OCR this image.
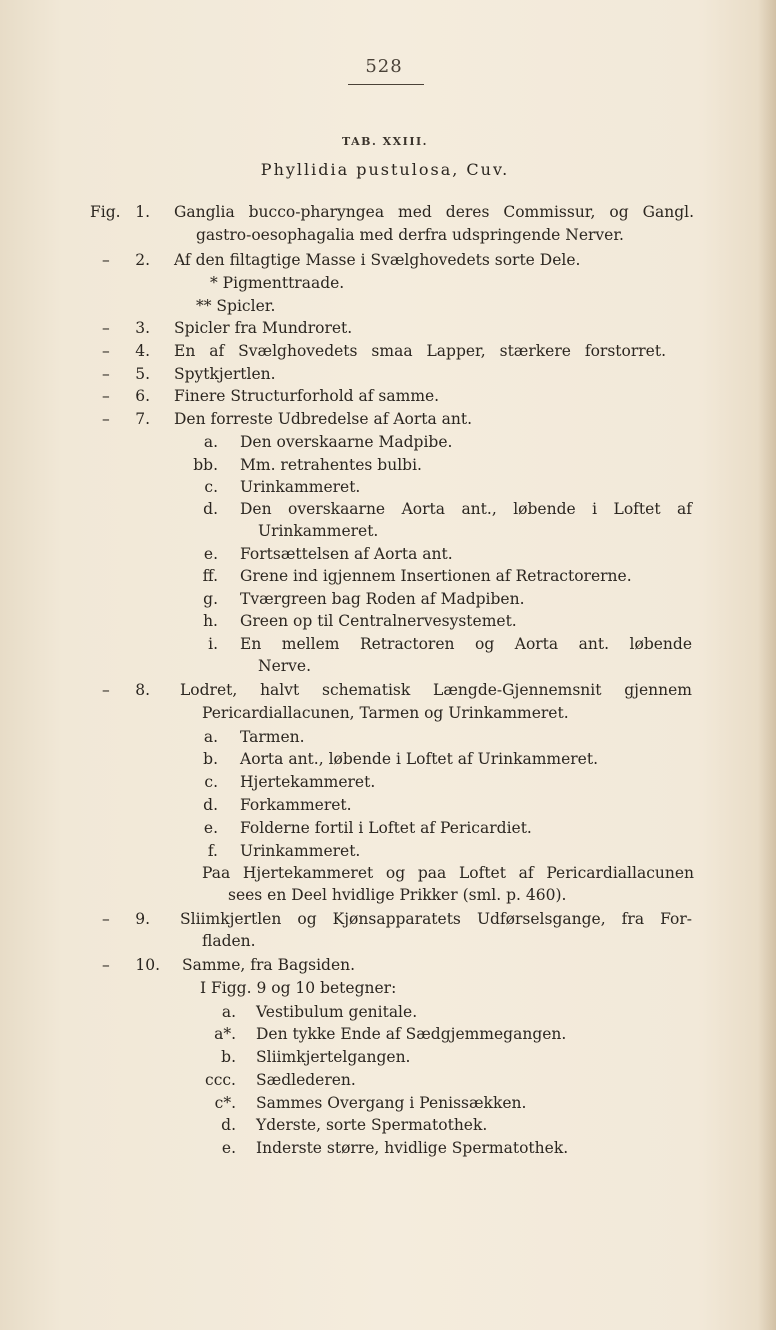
528
TAB. XXIII.
Phyllidia pustulosa, Cuv.
Fig. 1. Ganglia bucco-pharyngea med deres Commissur, og Gangl.
gastro-oesophagalia med derfra udspringende Nerver.
–	2. Af den filtagtige Masse i Svælghovedets sorte Dele.
* Pigmenttraade.
** Spicler.
–	3. Spicler fra Mundroret.
–	4. En af Svælghovedets smaa Lapper, stærkere forstorret.
–	5. Spytkjertlen.
–	6. Finere Structurforhold af samme.
–	7. Den forreste Udbredelse af Aorta ant.
a. Den overskaarne Madpibe.
bb. Mm. retrahentes bulbi.
c. Urinkammeret.
d. Den overskaarne Aorta ant., løbende i Loftet af
Urinkammeret.
e. Fortsættelsen af Aorta ant.
ff. Grene ind igjennem Insertionen af Retractorerne.
g. Tværgreen bag Roden af Madpiben.
h. Green op til Centralnervesystemet.
i. En mellem Retractoren og Aorta ant. løbende
Nerve.
–	8. Lodret, halvt schematisk Længde-Gjennemsnit gjennem
Pericardiallacunen, Tarmen og Urinkammeret.
a. Tarmen.
b. Aorta ant., løbende i Loftet af Urinkammeret.
c. Hjertekammeret.
d. Forkammeret.
e. Folderne fortil i Loftet af Pericardiet.
f. Urinkammeret.
Paa Hjertekammeret og paa Loftet af Pericardiallacunen
sees en Deel hvidlige Prikker (sml. p. 460).
–	9. Sliimkjertlen og Kjønsapparatets Udførselsgange, fra For-
fladen.
–	10. Samme, fra Bagsiden.
I Figg. 9 og 10 betegner:
a. Vestibulum genitale.
a*. Den tykke Ende af Sædgjemmegangen.
b. Sliimkjertelgangen.
ccc. Sædlederen.
c*. Sammes Overgang i Penissækken.
d. Yderste, sorte Spermatothek.
e. Inderste større, hvidlige Spermatothek.
